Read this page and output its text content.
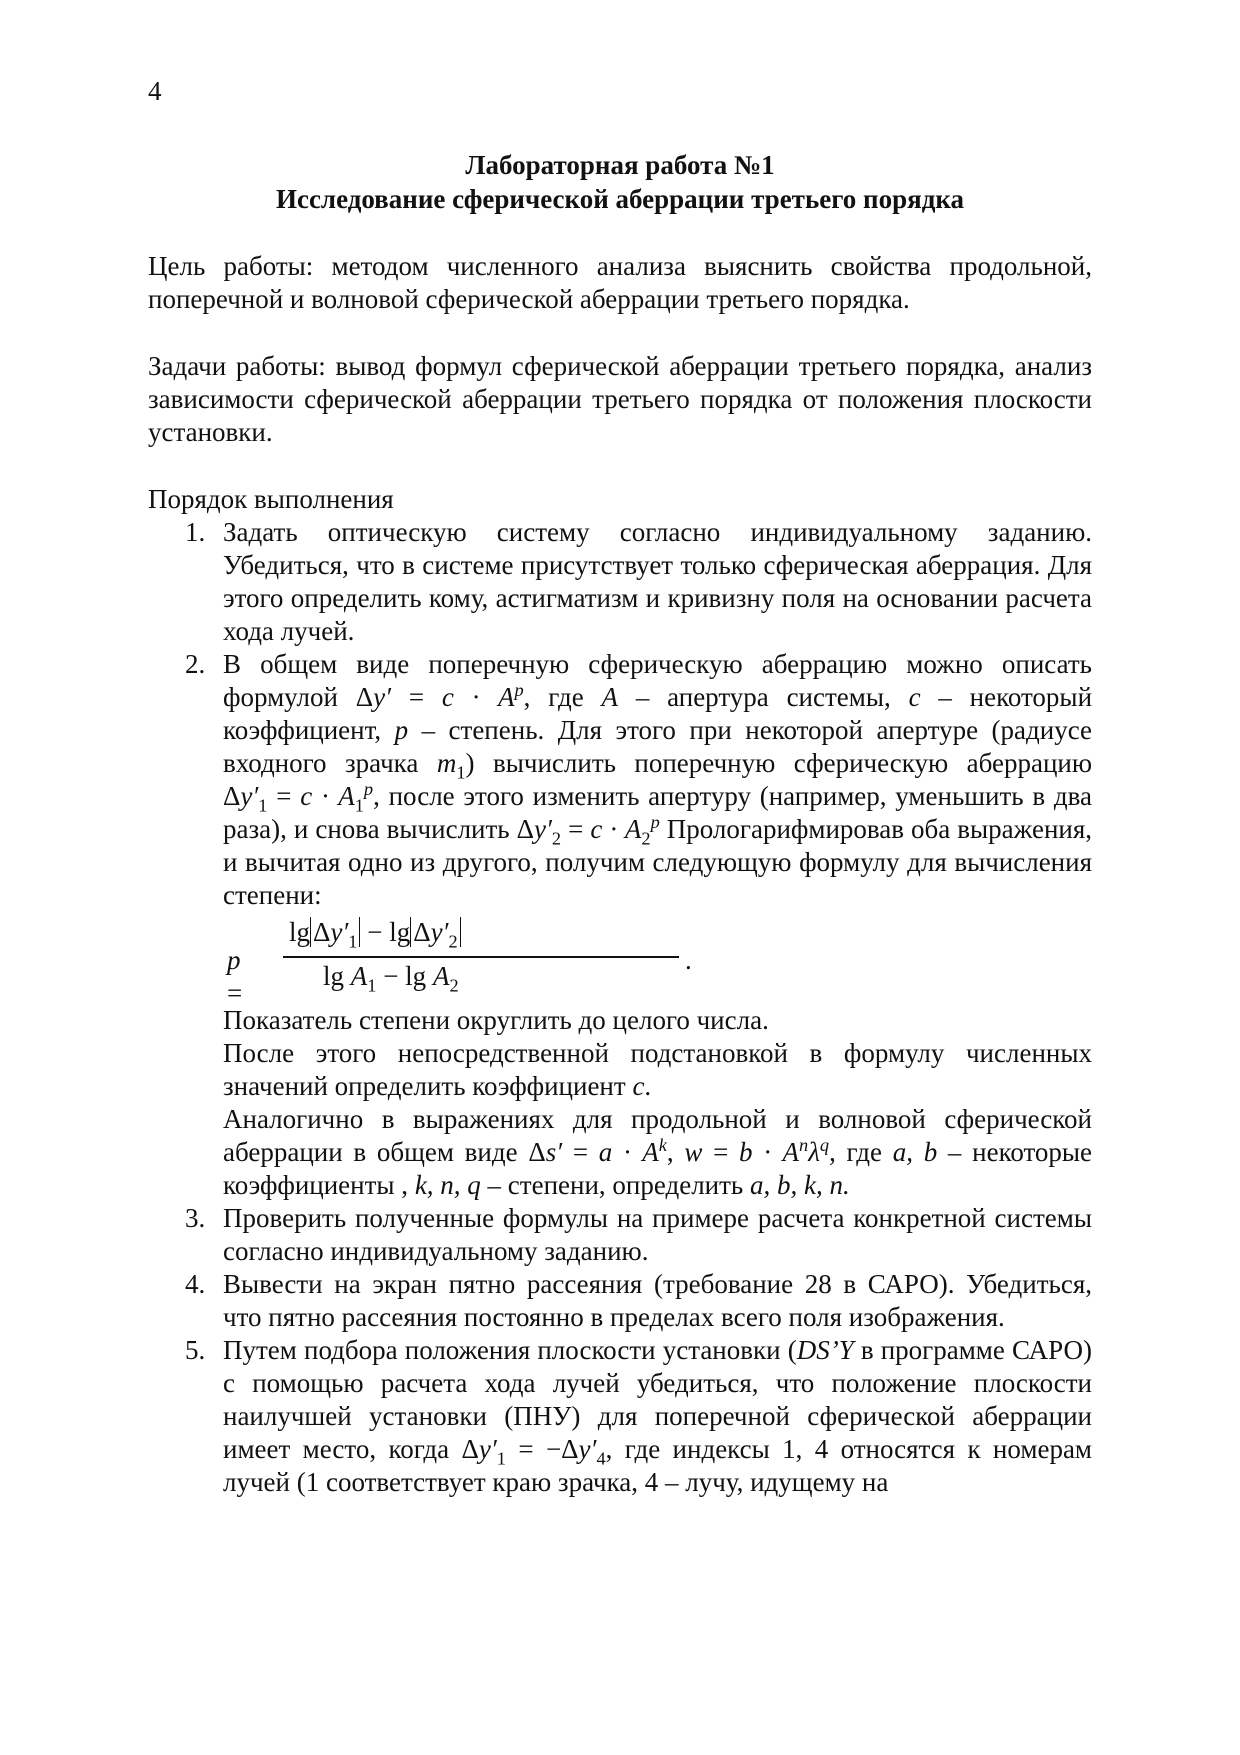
4
Лабораторная работа №1
Исследование сферической аберрации третьего порядка
Цель работы: методом численного анализа выяснить свойства продольной, поперечной и волновой сферической аберрации третьего порядка.
Задачи работы: вывод формул сферической аберрации третьего порядка, анализ зависимости сферической аберрации третьего порядка от положения плоскости установки.
Порядок выполнения
1. Задать оптическую систему согласно индивидуальному заданию. Убедиться, что в системе присутствует только сферическая аберрация. Для этого определить кому, астигматизм и кривизну поля на основании расчета хода лучей.

2. В общем виде поперечную сферическую аберрацию можно описать формулой $\Delta y' = c \cdot A^p$, где A – апертура системы, c – некоторый коэффициент, p – степень. Для этого при некоторой апертуре (радиусе входного зрачка $m_1$) вычислить поперечную сферическую аберрацию $\Delta y'_1 = c \cdot A_1^p$, после этого изменить апертуру (например, уменьшить в два раза), и снова вычислить $\Delta y'_2 = c \cdot A_2^p$ Прологарифмировав оба выражения, и вычитая одно из другого, получим следующую формулу для вычисления степени:

p =
$\lg \Delta y'_1 - \lg \Delta y'_2$
$\lg A_1 - \lg A_2$
.

Показатель степени округлить до целого числа.

После этого непосредственной подстановкой в формулу численных значений определить коэффициент c.

Аналогично в выражениях для продольной и волновой сферической аберрации в общем виде $\Delta s' = a \cdot A^k$, $w = b \cdot A^n\lambda^q$, где a, b – некоторые коэффициенты , k, n, q – степени, определить a, b, k, n.

3. Проверить полученные формулы на примере расчета конкретной системы согласно индивидуальному заданию.

4. Вывести на экран пятно рассеяния (требование 28 в САРО). Убедиться, что пятно рассеяния постоянно в пределах всего поля изображения.

5. Путем подбора положения плоскости установки (DS’Y в программе САРО) с помощью расчета хода лучей убедиться, что положение плоскости наилучшей установки (ПНУ) для поперечной сферической аберрации имеет место, когда $\Delta y'_1 = -\Delta y'_4$, где индексы 1, 4 относятся к номерам лучей (1 соответствует краю зрачка, 4 – лучу, идущему на
